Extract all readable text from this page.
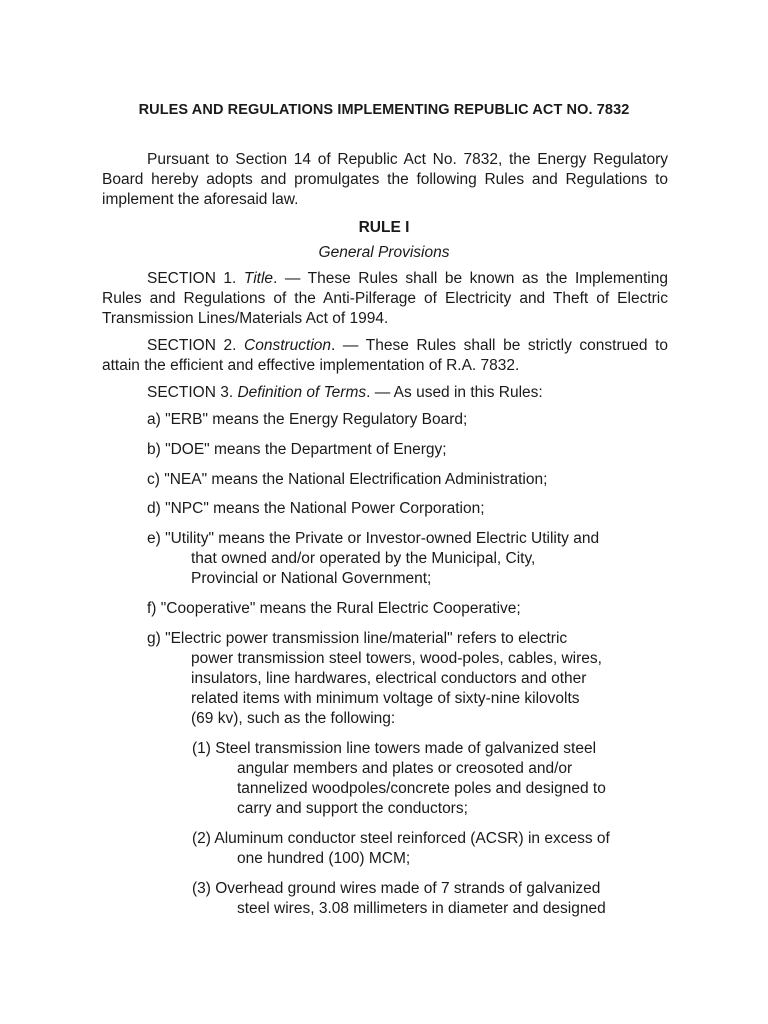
RULES AND REGULATIONS IMPLEMENTING REPUBLIC ACT NO. 7832
Pursuant to Section 14 of Republic Act No. 7832, the Energy Regulatory Board hereby adopts and promulgates the following Rules and Regulations to implement the aforesaid law.
RULE I
General Provisions
SECTION 1. Title. — These Rules shall be known as the Implementing Rules and Regulations of the Anti-Pilferage of Electricity and Theft of Electric Transmission Lines/Materials Act of 1994.
SECTION 2. Construction. — These Rules shall be strictly construed to attain the efficient and effective implementation of R.A. 7832.
SECTION 3. Definition of Terms. — As used in this Rules:
a) "ERB" means the Energy Regulatory Board;
b) "DOE" means the Department of Energy;
c) "NEA" means the National Electrification Administration;
d) "NPC" means the National Power Corporation;
e) "Utility" means the Private or Investor-owned Electric Utility and
that owned and/or operated by the Municipal, City, Provincial or National Government;
f) "Cooperative" means the Rural Electric Cooperative;
g) "Electric power transmission line/material" refers to electric
power transmission steel towers, wood-poles, cables, wires, insulators, line hardwares, electrical conductors and other related items with minimum voltage of sixty-nine kilovolts (69 kv), such as the following:
(1) Steel transmission line towers made of galvanized steel
angular members and plates or creosoted and/or tannelized woodpoles/concrete poles and designed to carry and support the conductors;
(2) Aluminum conductor steel reinforced (ACSR) in excess of
one hundred (100) MCM;
(3) Overhead ground wires made of 7 strands of galvanized
steel wires, 3.08 millimeters in diameter and designed
